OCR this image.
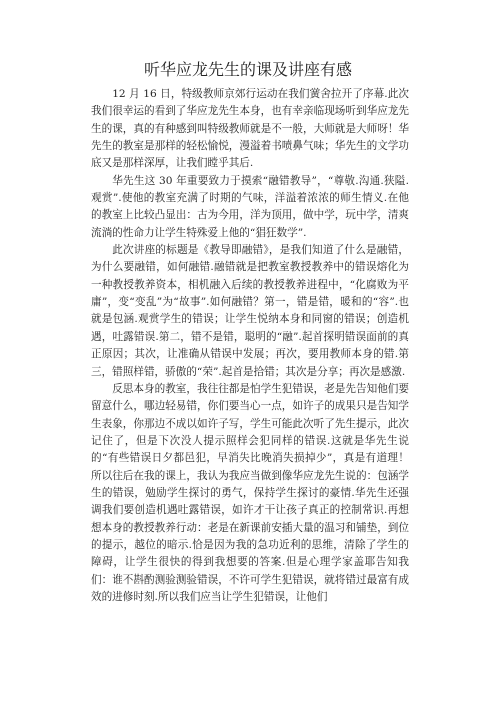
听华应龙先生的课及讲座有感

12 月 16 日，特级教师京郊行运动在我们黉舍拉开了序幕.此次我们很幸运的看到了华应龙先生本身，也有幸亲临现场听到华应龙先生的课，真的有种感到叫特级教师就是不一般，大师就是大师呀！华先生的教室是那样的轻松愉悦，漫溢着书喷鼻气味；华先生的文学功底又是那样深厚，让我们瞠乎其后.

华先生这 30 年重要致力于摸索“融错教导”，“尊敬.沟通.狭隘.观赏”.使他的教室充满了时期的气味，洋溢着浓浓的师生情义.在他的教室上比较凸显出：古为今用，洋为顶用，做中学，玩中学，清爽流淌的性命力让学生特殊爱上他的“猖狂数学”.

此次讲座的标题是《教导即融错》，是我们知道了什么是融错，为什么要融错，如何融错.融错就是把教室教授教养中的错误熔化为一种教授教养资本，相机融入后续的教授教养进程中，“化腐败为平庸”，变“变乱”为“故事”.如何融错？第一，错是错，暖和的“容”.也就是包涵.观赏学生的错误；让学生悦纳本身和同窗的错误；创造机遇，吐露错误.第二，错不是错，聪明的“融”.起首探明错误面前的真正原因；其次，让准确从错误中发展；再次，要用教师本身的错.第三，错照样错，骄傲的“荣”.起首是拾错；其次是分享；再次是感激.

反思本身的教室，我往往都是怕学生犯错误，老是先告知他们要留意什么，哪边轻易错，你们要当心一点，如许子的成果只是告知学生表象，你那边不成以如许子写，学生可能此次听了先生提示，此次记住了，但是下次没人提示照样会犯同样的错误.这就是华先生说的“有些错误日夕都邑犯，早消失比晚消失损掉少”，真是有道理！所以往后在我的课上，我认为我应当做到像华应龙先生说的：包涵学生的错误，勉励学生探讨的勇气，保持学生探讨的豪情.华先生还强调我们要创造机遇吐露错误，如许才干让孩子真正的控制常识.再想想本身的教授教养行动：老是在新课前安插大量的温习和铺垫，到位的提示，越位的暗示.恰是因为我的急功近利的思维，清除了学生的障碍，让学生很快的得到我想要的答案.但是心理学家盖耶告知我们：谁不斟酌测验测验错误，不许可学生犯错误，就将错过最富有成效的进修时刻.所以我们应当让学生犯错误，让他们
